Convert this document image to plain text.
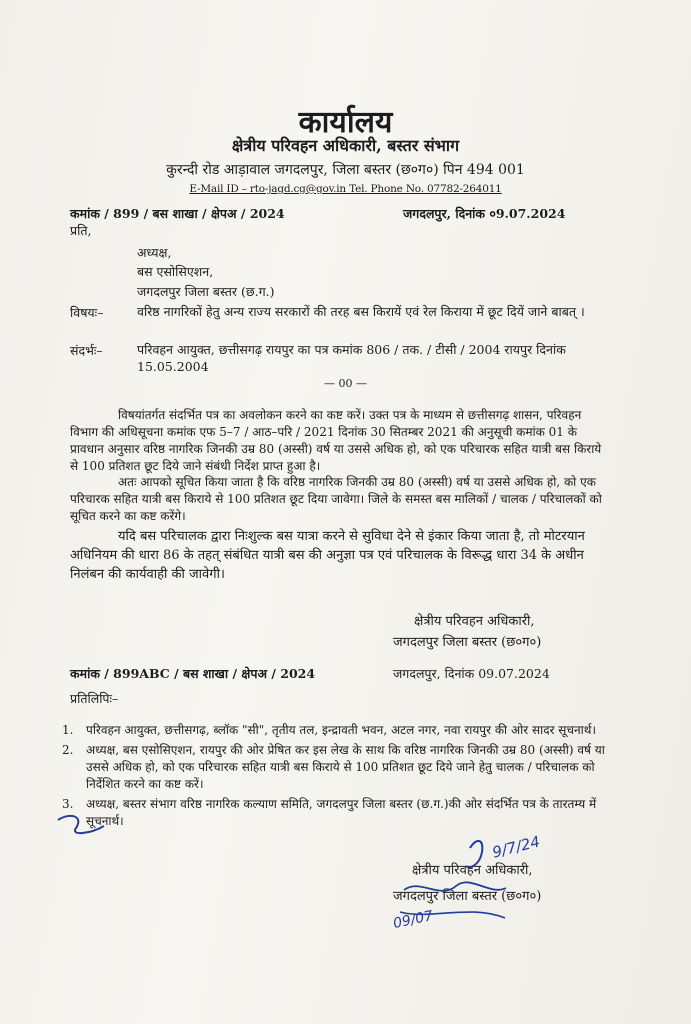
कार्यालय
क्षेत्रीय परिवहन अधिकारी, बस्तर संभाग
कुरन्दी रोड आड़ावाल जगदलपुर, जिला बस्तर (छ०ग०) पिन 494 001
E-Mail ID – rto-jagd.cg@gov.in Tel. Phone No. 07782-264011
कमांक / 899 / बस शाखा / क्षेपअ / 2024	जगदलपुर, दिनांक ०9.07.2024
प्रति,
अध्यक्ष,
बस एसोसिएशन,
जगदलपुर जिला बस्तर (छ.ग.)
विषयः–	वरिष्ठ नागरिकों हेतु अन्य राज्य सरकारों की तरह बस किरायें एवं रेल किराया में छूट दियें जाने बाबत् ।
संदर्भः–	परिवहन आयुक्त, छत्तीसगढ़ रायपुर का पत्र कमांक 806 / तक. / टीसी / 2004 रायपुर दिनांक 15.05.2004
— 00 —
विषयांतर्गत संदर्भित पत्र का अवलोकन करने का कष्ट करें। उक्त पत्र के माध्यम से छत्तीसगढ़ शासन, परिवहन विभाग की अधिसूचना कमांक एफ 5–7 / आठ–परि / 2021 दिनांक 30 सितम्बर 2021 की अनुसूची कमांक 01 के प्रावधान अनुसार वरिष्ठ नागरिक जिनकी उम्र 80 (अस्सी) वर्ष या उससे अधिक हो, को एक परिचारक सहित यात्री बस किराये से 100 प्रतिशत छूट दिये जाने संबंधी निर्देश प्राप्त हुआ है।
अतः आपको सूचित किया जाता है कि वरिष्ठ नागरिक जिनकी उम्र 80 (अस्सी) वर्ष या उससे अधिक हो, को एक परिचारक सहित यात्री बस किराये से 100 प्रतिशत छूट दिया जावेगा। जिले के समस्त बस मालिकों / चालक / परिचालकों को सूचित करने का कष्ट करेंगे।
यदि बस परिचालक द्वारा निःशुल्क बस यात्रा करने से सुविधा देने से इंकार किया जाता है, तो मोटरयान अधिनियम की धारा 86 के तहत् संबंधित यात्री बस की अनुज्ञा पत्र एवं परिचालक के विरूद्ध धारा 34 के अधीन निलंबन की कार्यवाही की जावेगी।
क्षेत्रीय परिवहन अधिकारी,
जगदलपुर जिला बस्तर (छ०ग०)
कमांक / 899ABC / बस शाखा / क्षेपअ / 2024	जगदलपुर, दिनांक 09.07.2024
प्रतिलिपिः–
1. परिवहन आयुक्त, छत्तीसगढ़, ब्लॉक "सी", तृतीय तल, इन्द्रावती भवन, अटल नगर, नवा रायपुर की ओर सादर सूचनार्थ।
2. अध्यक्ष, बस एसोसिएशन, रायपुर की ओर प्रेषित कर इस लेख के साथ कि वरिष्ठ नागरिक जिनकी उम्र 80 (अस्सी) वर्ष या उससे अधिक हो, को एक परिचारक सहित यात्री बस किराये से 100 प्रतिशत छूट दिये जाने हेतु चालक / परिचालक को निर्देशित करने का कष्ट करें।
3. अध्यक्ष, बस्तर संभाग वरिष्ठ नागरिक कल्याण समिति, जगदलपुर जिला बस्तर (छ.ग.)की ओर संदर्भित पत्र के तारतम्य में सूचनार्थ।
क्षेत्रीय परिवहन अधिकारी,
जगदलपुर जिला बस्तर (छ०ग०)
9/7/24
09/07
